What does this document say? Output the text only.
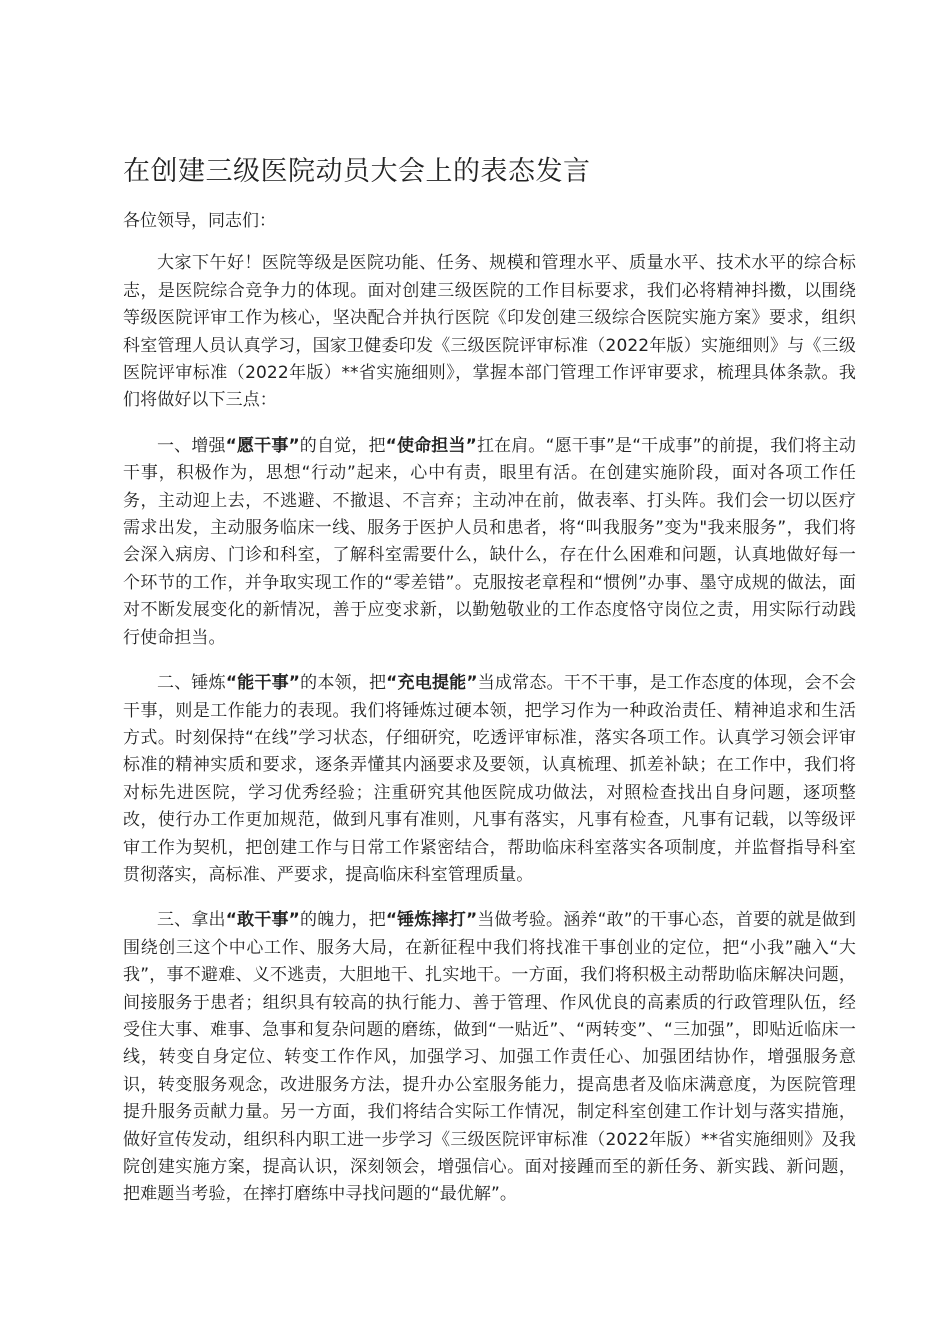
在创建三级医院动员大会上的表态发言

各位领导，同志们：

大家下午好！医院等级是医院功能、任务、规模和管理水平、质量水平、技术水平的综合标志，是医院综合竞争力的体现。面对创建三级医院的工作目标要求，我们必将精神抖擞，以围绕等级医院评审工作为核心，坚决配合并执行医院《印发创建三级综合医院实施方案》要求，组织科室管理人员认真学习，国家卫健委印发《三级医院评审标准（2022年版）实施细则》与《三级医院评审标准（2022年版）**省实施细则》，掌握本部门管理工作评审要求，梳理具体条款。我们将做好以下三点：

一、增强“愿干事”的自觉，把“使命担当”扛在肩。“愿干事”是“干成事”的前提，我们将主动干事，积极作为，思想“行动”起来，心中有责，眼里有活。在创建实施阶段，面对各项工作任务，主动迎上去，不逃避、不撤退、不言弃；主动冲在前，做表率、打头阵。我们会一切以医疗需求出发，主动服务临床一线、服务于医护人员和患者，将“叫我服务”变为"我来服务”，我们将会深入病房、门诊和科室，了解科室需要什么，缺什么，存在什么困难和问题，认真地做好每一个环节的工作，并争取实现工作的“零差错”。克服按老章程和“惯例”办事、墨守成规的做法，面对不断发展变化的新情况，善于应变求新，以勤勉敬业的工作态度恪守岗位之责，用实际行动践行使命担当。

二、锤炼“能干事”的本领，把“充电提能”当成常态。干不干事，是工作态度的体现，会不会干事，则是工作能力的表现。我们将锤炼过硬本领，把学习作为一种政治责任、精神追求和生活方式。时刻保持“在线”学习状态，仔细研究，吃透评审标准，落实各项工作。认真学习领会评审标准的精神实质和要求，逐条弄懂其内涵要求及要领，认真梳理、抓差补缺；在工作中，我们将对标先进医院，学习优秀经验；注重研究其他医院成功做法，对照检查找出自身问题，逐项整改，使行办工作更加规范，做到凡事有准则，凡事有落实，凡事有检查，凡事有记载，以等级评审工作为契机，把创建工作与日常工作紧密结合，帮助临床科室落实各项制度，并监督指导科室贯彻落实，高标准、严要求，提高临床科室管理质量。

三、拿出“敢干事”的魄力，把“锤炼摔打”当做考验。涵养“敢”的干事心态，首要的就是做到围绕创三这个中心工作、服务大局，在新征程中我们将找准干事创业的定位，把“小我”融入“大我”，事不避难、义不逃责，大胆地干、扎实地干。一方面，我们将积极主动帮助临床解决问题，间接服务于患者；组织具有较高的执行能力、善于管理、作风优良的高素质的行政管理队伍，经受住大事、难事、急事和复杂问题的磨练，做到“一贴近”、“两转变”、“三加强”，即贴近临床一线，转变自身定位、转变工作作风，加强学习、加强工作责任心、加强团结协作，增强服务意识，转变服务观念，改进服务方法，提升办公室服务能力，提高患者及临床满意度，为医院管理提升服务贡献力量。另一方面，我们将结合实际工作情况，制定科室创建工作计划与落实措施，做好宣传发动，组织科内职工进一步学习《三级医院评审标准（2022年版）**省实施细则》及我院创建实施方案，提高认识，深刻领会，增强信心。面对接踵而至的新任务、新实践、新问题，把难题当考验，在摔打磨练中寻找问题的“最优解”。
